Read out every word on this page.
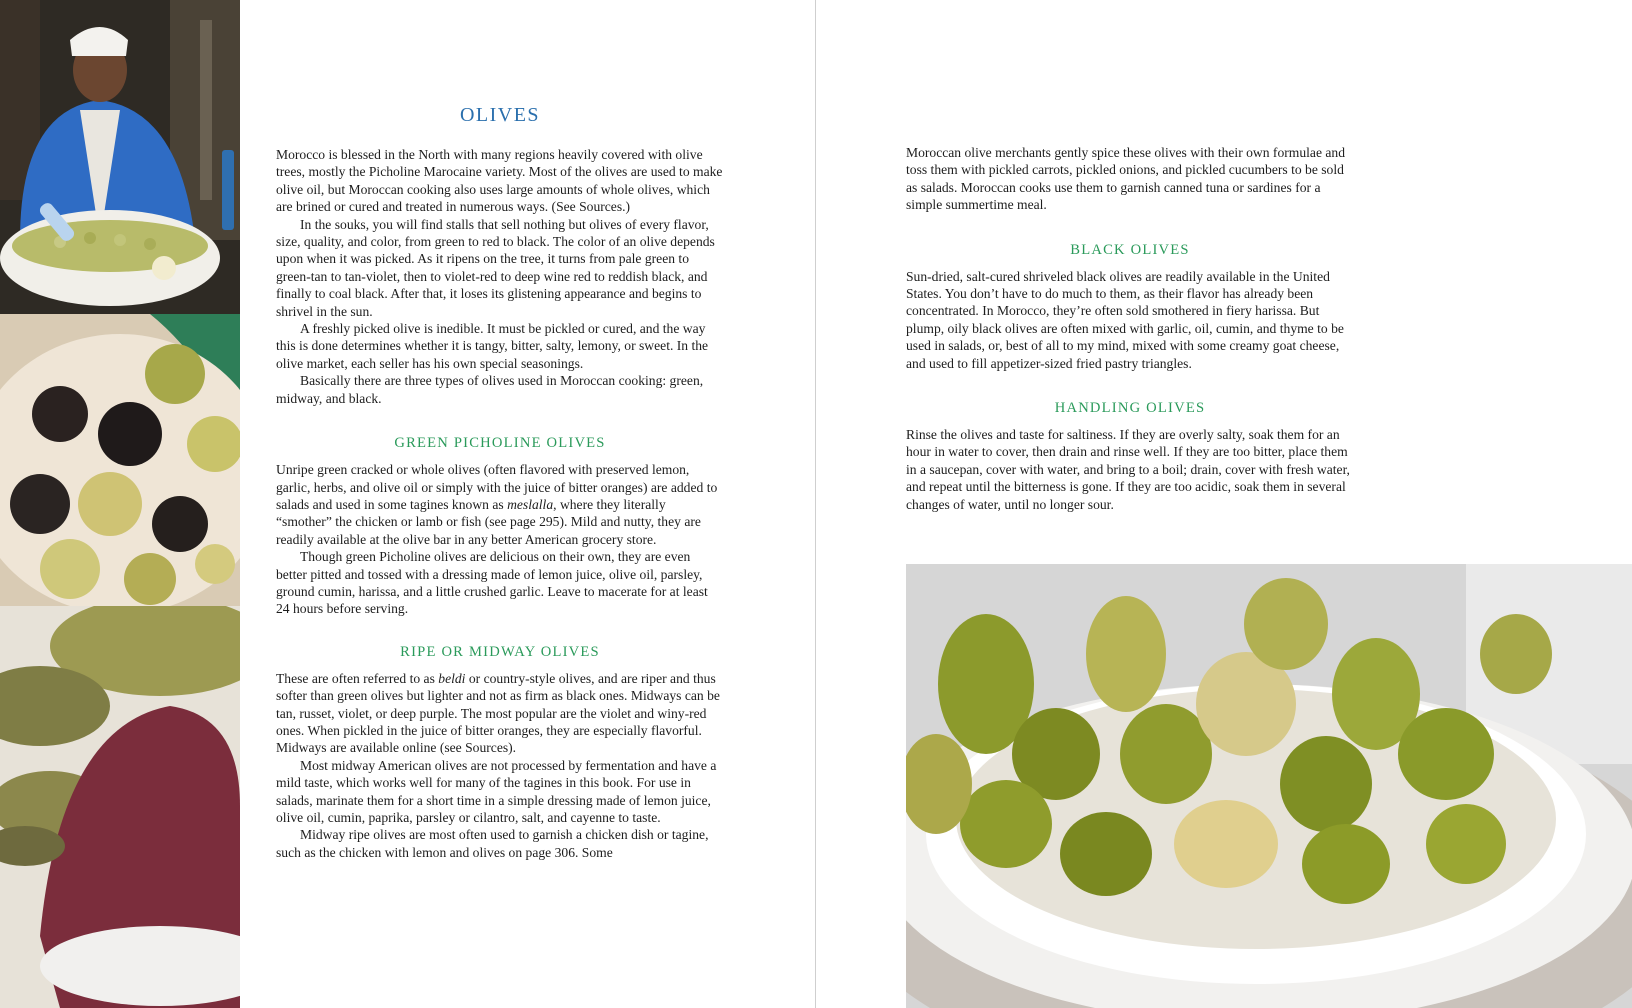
OLIVES

Morocco is blessed in the North with many regions heavily covered with olive trees, mostly the Picholine Marocaine variety. Most of the olives are used to make olive oil, but Moroccan cooking also uses large amounts of whole olives, which are brined or cured and treated in numerous ways. (See Sources.)

In the souks, you will find stalls that sell nothing but olives of every flavor, size, quality, and color, from green to red to black. The color of an olive depends upon when it was picked. As it ripens on the tree, it turns from pale green to green-tan to tan-violet, then to violet-red to deep wine red to reddish black, and finally to coal black. After that, it loses its glistening appearance and begins to shrivel in the sun.

A freshly picked olive is inedible. It must be pickled or cured, and the way this is done determines whether it is tangy, bitter, salty, lemony, or sweet. In the olive market, each seller has his own special seasonings.

Basically there are three types of olives used in Moroccan cooking: green, midway, and black.

GREEN PICHOLINE OLIVES

Unripe green cracked or whole olives (often flavored with preserved lemon, garlic, herbs, and olive oil or simply with the juice of bitter oranges) are added to salads and used in some tagines known as meslalla, where they literally “smother” the chicken or lamb or fish (see page 295). Mild and nutty, they are readily available at the olive bar in any better American grocery store.

Though green Picholine olives are delicious on their own, they are even better pitted and tossed with a dressing made of lemon juice, olive oil, parsley, ground cumin, harissa, and a little crushed garlic. Leave to macerate for at least 24 hours before serving.

RIPE OR MIDWAY OLIVES

These are often referred to as beldi or country-style olives, and are riper and thus softer than green olives but lighter and not as firm as black ones. Midways can be tan, russet, violet, or deep purple. The most popular are the violet and winy-red ones. When pickled in the juice of bitter oranges, they are especially flavorful. Midways are available online (see Sources).

Most midway American olives are not processed by fermentation and have a mild taste, which works well for many of the tagines in this book. For use in salads, marinate them for a short time in a simple dressing made of lemon juice, olive oil, cumin, paprika, parsley or cilantro, salt, and cayenne to taste.

Midway ripe olives are most often used to garnish a chicken dish or tagine, such as the chicken with lemon and olives on page 306. Some

Moroccan olive merchants gently spice these olives with their own formulae and toss them with pickled carrots, pickled onions, and pickled cucumbers to be sold as salads. Moroccan cooks use them to garnish canned tuna or sardines for a simple summertime meal.

BLACK OLIVES

Sun-dried, salt-cured shriveled black olives are readily available in the United States. You don’t have to do much to them, as their flavor has already been concentrated. In Morocco, they’re often sold smothered in fiery harissa. But plump, oily black olives are often mixed with garlic, oil, cumin, and thyme to be used in salads, or, best of all to my mind, mixed with some creamy goat cheese, and used to fill appetizer-sized fried pastry triangles.

HANDLING OLIVES

Rinse the olives and taste for saltiness. If they are overly salty, soak them for an hour in water to cover, then drain and rinse well. If they are too bitter, place them in a saucepan, cover with water, and bring to a boil; drain, cover with fresh water, and repeat until the bitterness is gone. If they are too acidic, soak them in several changes of water, until no longer sour.
